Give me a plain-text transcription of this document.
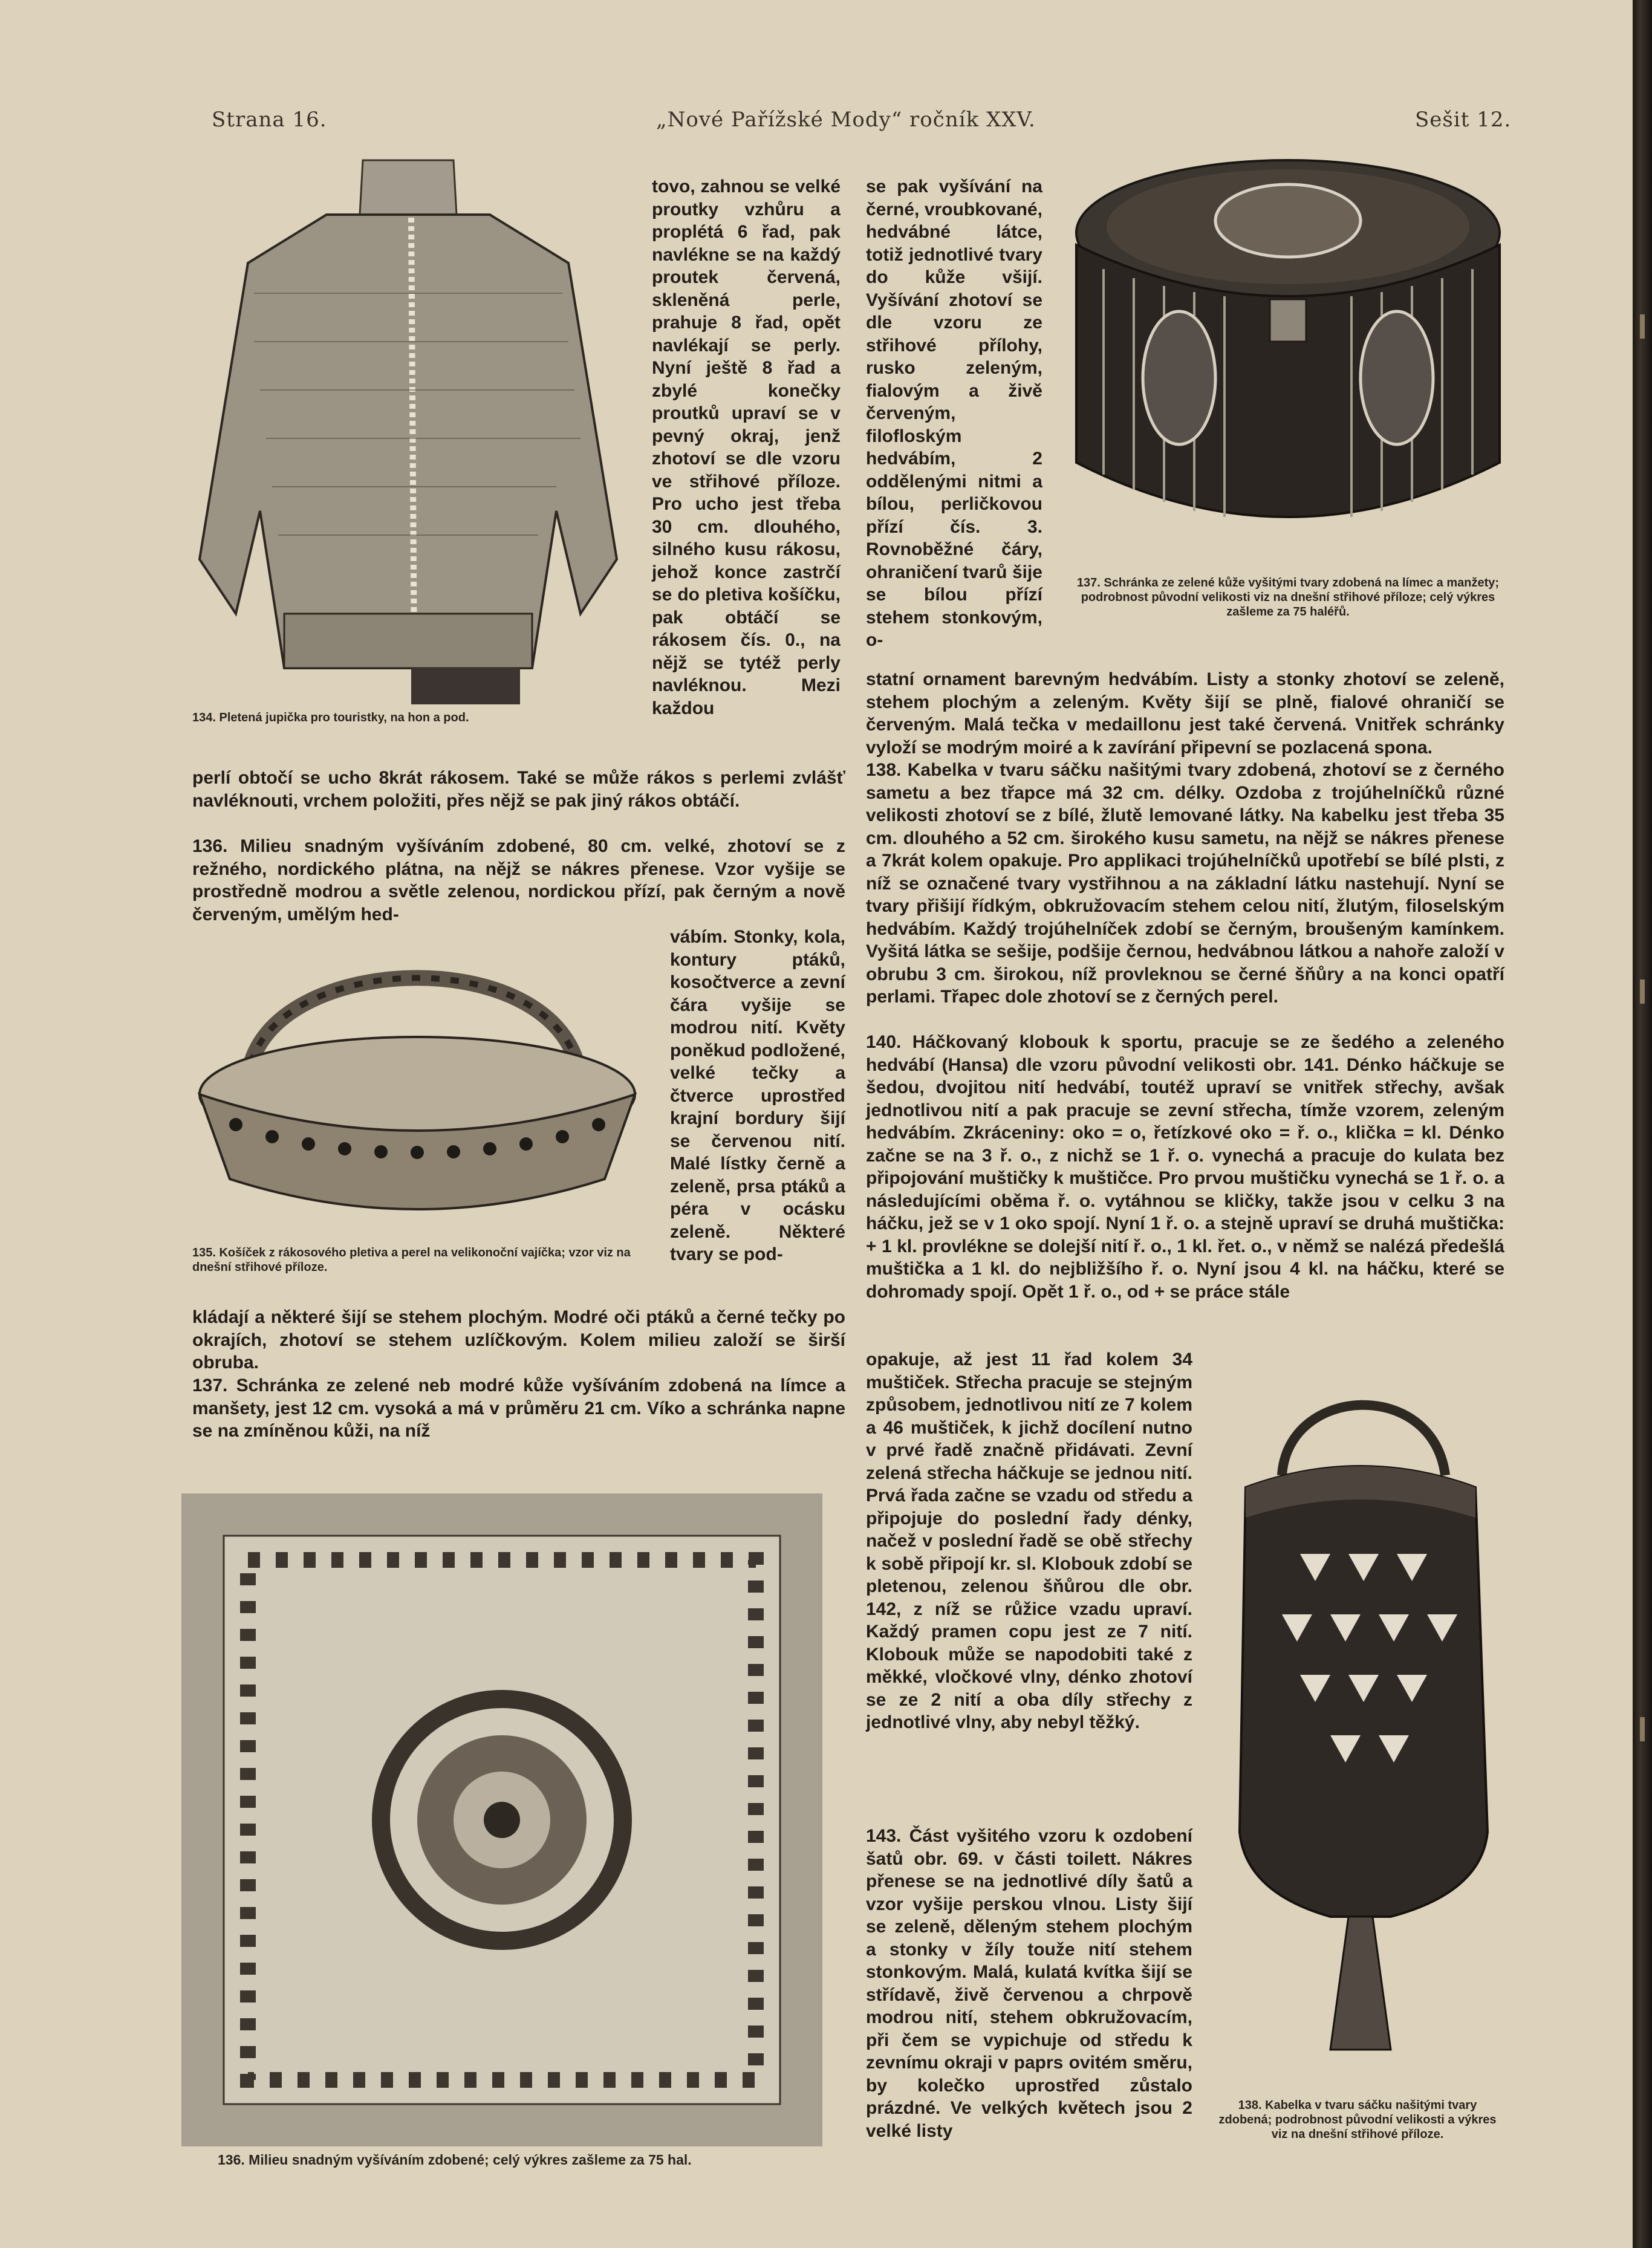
Strana 16.	„Nové Pařížské Mody“ ročník XXV.	Sešit 12.
134. Pletená jupička pro touristky, na hon a pod.
tovo, zahnou se velké proutky vzhůru a proplétá 6 řad, pak navlékne se na každý proutek červená, skleněná perle, prahuje 8 řad, opět navlékají se perly. Nyní ještě 8 řad a zbylé konečky proutků upraví se v pevný okraj, jenž zhotoví se dle vzoru ve střihové příloze. Pro ucho jest třeba 30 cm. dlouhého, silného kusu rákosu, jehož konce zastrčí se do pletiva košíčku, pak obtáčí se rákosem čís. 0., na nějž se tytéž perly navléknou. Mezi každou
se pak vyšívání na černé, vroubkované, hedvábné látce, totiž jednotlivé tvary do kůže všijí. Vyšívání zhotoví se dle vzoru ze střihové přílohy, rusko zeleným, fialovým a živě červeným, filofloským hedvábím, 2 oddělenými nitmi a bílou, perličkovou přízí čís. 3. Rovnoběžné čáry, ohraničení tvarů šije se bílou přízí stehem stonkovým, o-
137. Schránka ze zelené kůže vyšitými tvary zdobená na límec a manžety; podrobnost původní velikosti viz na dnešní střihové příloze; celý výkres zašleme za 75 haléřů.
perlí obtočí se ucho 8krát rákosem. Také se může rákos s perlemi zvlášť navléknouti, vrchem položiti, přes nějž se pak jiný rákos obtáčí.
136. Milieu snadným vyšíváním zdobené, 80 cm. velké, zhotoví se z režného, nordického plátna, na nějž se nákres přenese. Vzor vyšije se prostředně modrou a světle zelenou, nordickou přízí, pak černým a nově červeným, umělým hed-
135. Košíček z rákosového pletiva a perel na velikonoční vajíčka; vzor viz na dnešní střihové příloze.
vábím. Stonky, kola, kontury ptáků, kosočtverce a zevní čára vyšije se modrou nití. Květy poněkud podložené, velké tečky a čtverce uprostřed krajní bordury šijí se červenou nití. Malé lístky černě a zeleně, prsa ptáků a péra v ocásku zeleně. Některé tvary se pod-
kládají a některé šijí se stehem plochým. Modré oči ptáků a černé tečky po okrajích, zhotoví se stehem uzlíčkovým. Kolem milieu založí se širší obruba.
137. Schránka ze zelené neb modré kůže vyšíváním zdobená na límce a manšety, jest 12 cm. vysoká a má v průměru 21 cm. Víko a schránka napne se na zmíněnou kůži, na níž
136. Milieu snadným vyšíváním zdobené; celý výkres zašleme za 75 hal.
statní ornament barevným hedvábím. Listy a stonky zhotoví se zeleně, stehem plochým a zeleným. Květy šijí se plně, fialové ohraničí se červeným. Malá tečka v medaillonu jest také červená. Vnitřek schránky vyloží se modrým moiré a k zavírání připevní se pozlacená spona.
138. Kabelka v tvaru sáčku našitými tvary zdobená, zhotoví se z černého sametu a bez třapce má 32 cm. délky. Ozdoba z trojúhelníčků různé velikosti zhotoví se z bílé, žlutě lemované látky. Na kabelku jest třeba 35 cm. dlouhého a 52 cm. širokého kusu sametu, na nějž se nákres přenese a 7krát kolem opakuje. Pro applikaci trojúhelníčků upotřebí se bílé plsti, z níž se označené tvary vystřihnou a na základní látku nastehují. Nyní se tvary přišijí řídkým, obkružovacím stehem celou nití, žlutým, filoselským hedvábím. Každý trojúhelníček zdobí se černým, broušeným kamínkem. Vyšitá látka se sešije, podšije černou, hedvábnou látkou a nahoře založí v obrubu 3 cm. širokou, níž provleknou se černé šňůry a na konci opatří perlami. Třapec dole zhotoví se z černých perel.
140. Háčkovaný klobouk k sportu, pracuje se ze šedého a zeleného hedvábí (Hansa) dle vzoru původní velikosti obr. 141. Dénko háčkuje se šedou, dvojitou nití hedvábí, toutéž upraví se vnitřek střechy, avšak jednotlivou nití a pak pracuje se zevní střecha, tímže vzorem, zeleným hedvábím. Zkráceniny: oko = o, řetízkové oko = ř. o., klička = kl. Dénko začne se na 3 ř. o., z nichž se 1 ř. o. vynechá a pracuje do kulata bez připojování muštičky k muštičce. Pro prvou muštičku vynechá se 1 ř. o. a následujícími oběma ř. o. vytáhnou se kličky, takže jsou v celku 3 na háčku, jež se v 1 oko spojí. Nyní 1 ř. o. a stejně upraví se druhá muštička: + 1 kl. provlékne se dolejší nití ř. o., 1 kl. řet. o., v němž se nalézá předešlá muštička a 1 kl. do nejbližšího ř. o. Nyní jsou 4 kl. na háčku, které se dohromady spojí. Opět 1 ř. o., od + se práce stále
opakuje, až jest 11 řad kolem 34 muštiček. Střecha pracuje se stejným způsobem, jednotlivou nití ze 7 kolem a 46 muštiček, k jichž docílení nutno v prvé řadě značně přidávati. Zevní zelená střecha háčkuje se jednou nití. Prvá řada začne se vzadu od středu a připojuje do poslední řady dénky, načež v poslední řadě se obě střechy k sobě připojí kr. sl. Klobouk zdobí se pletenou, zelenou šňůrou dle obr. 142, z níž se růžice vzadu upraví. Každý pramen copu jest ze 7 nití. Klobouk může se napodobiti také z měkké, vločkové vlny, dénko zhotoví se ze 2 nití a oba díly střechy z jednotlivé vlny, aby nebyl těžký.
143. Část vyšitého vzoru k ozdobení šatů obr. 69. v části toilett. Nákres přenese se na jednotlivé díly šatů a vzor vyšije perskou vlnou. Listy šijí se zeleně, děleným stehem plochým a stonky v žíly touže nití stehem stonkovým. Malá, kulatá kvítka šijí se střídavě, živě červenou a chrpově modrou nití, stehem obkružovacím, při čem se vypichuje od středu k zevnímu okraji v paprs ovitém směru, by kolečko uprostřed zůstalo prázdné. Ve velkých květech jsou 2 velké listy
138. Kabelka v tvaru sáčku našitými tvary zdobená; podrobnost původní velikosti a výkres viz na dnešní střihové příloze.
